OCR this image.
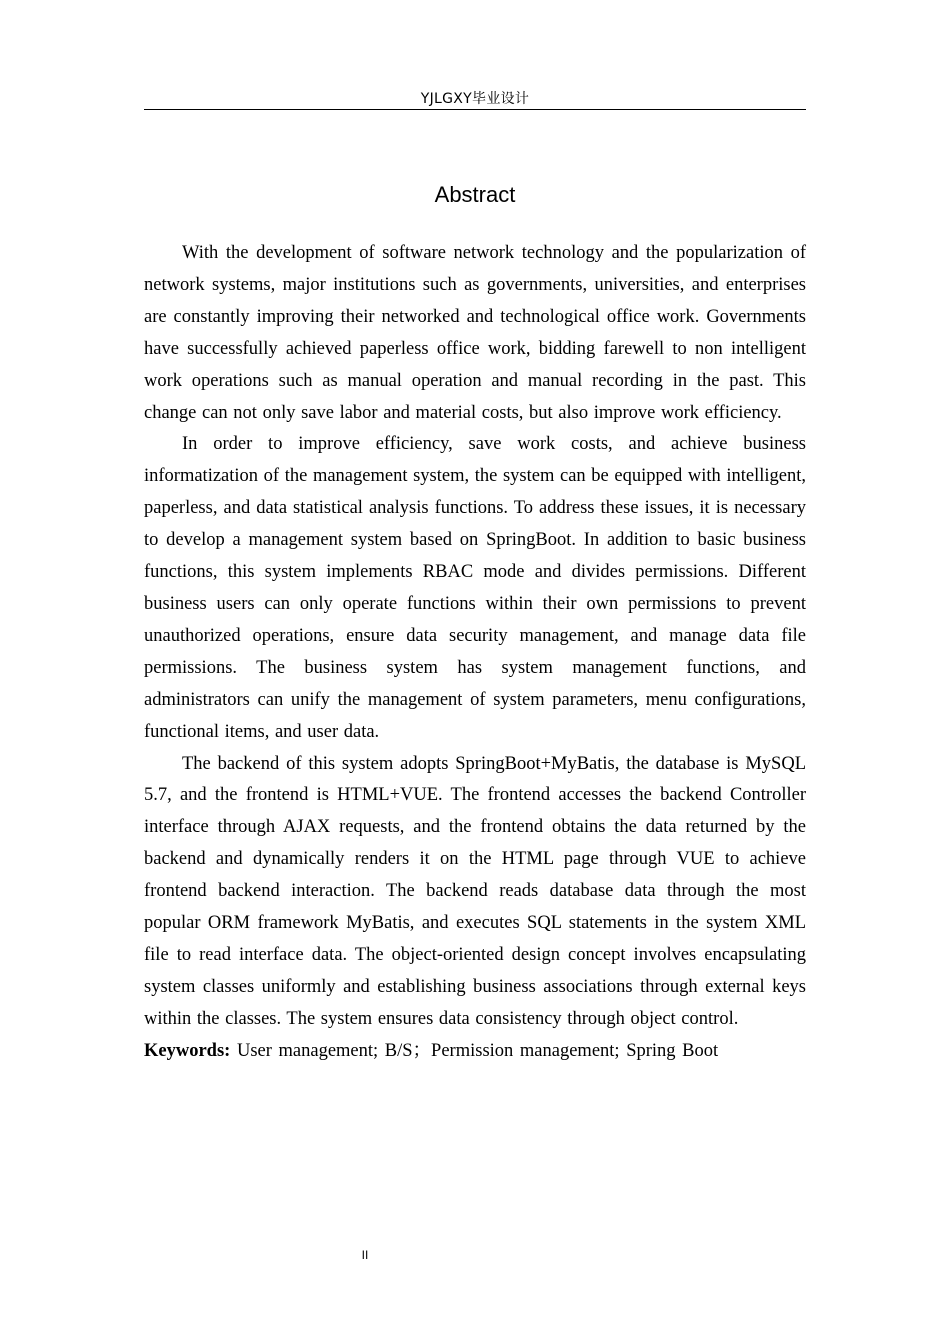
YJLGXY毕业设计
Abstract

With the development of software network technology and the popularization of network systems, major institutions such as governments, universities, and enterprises are constantly improving their networked and technological office work. Governments have successfully achieved paperless office work, bidding farewell to non intelligent work operations such as manual operation and manual recording in the past. This change can not only save labor and material costs, but also improve work efficiency.

In order to improve efficiency, save work costs, and achieve business informatization of the management system, the system can be equipped with intelligent, paperless, and data statistical analysis functions. To address these issues, it is necessary to develop a management system based on SpringBoot. In addition to basic business functions, this system implements RBAC mode and divides permissions. Different business users can only operate functions within their own permissions to prevent unauthorized operations, ensure data security management, and manage data file permissions. The business system has system management functions, and administrators can unify the management of system parameters, menu configurations, functional items, and user data.

The backend of this system adopts SpringBoot+MyBatis, the database is MySQL 5.7, and the frontend is HTML+VUE. The frontend accesses the backend Controller interface through AJAX requests, and the frontend obtains the data returned by the backend and dynamically renders it on the HTML page through VUE to achieve frontend backend interaction. The backend reads database data through the most popular ORM framework MyBatis, and executes SQL statements in the system XML file to read interface data. The object-oriented design concept involves encapsulating system classes uniformly and establishing business associations through external keys within the classes. The system ensures data consistency through object control.

Keywords: User management; B/S；Permission management; Spring Boot
II
